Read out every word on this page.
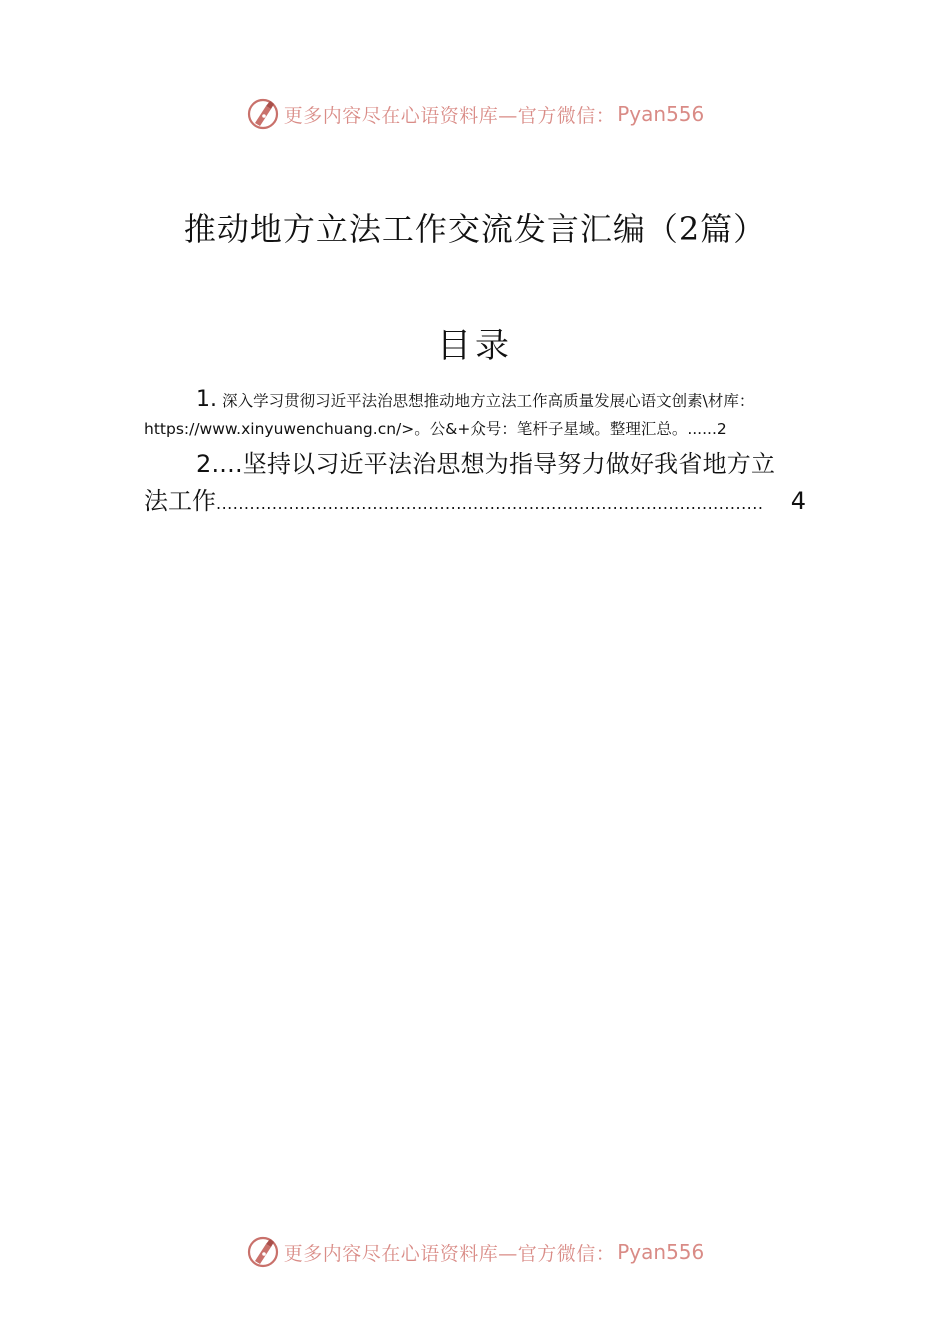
更多内容尽在心语资料库—官方微信： Pyan556
推动地方立法工作交流发言汇编（2篇）
目录
1. 深入学习贯彻习近平法治思想推动地方立法工作高质量发展心语文创素\材库：
https://www.xinyuwenchuang.cn/>。公&+众号：笔杆子星域。整理汇总。......2
2....坚持以习近平法治思想为指导努力做好我省地方立
法工作 ..................................................................................................	4
更多内容尽在心语资料库—官方微信： Pyan556
